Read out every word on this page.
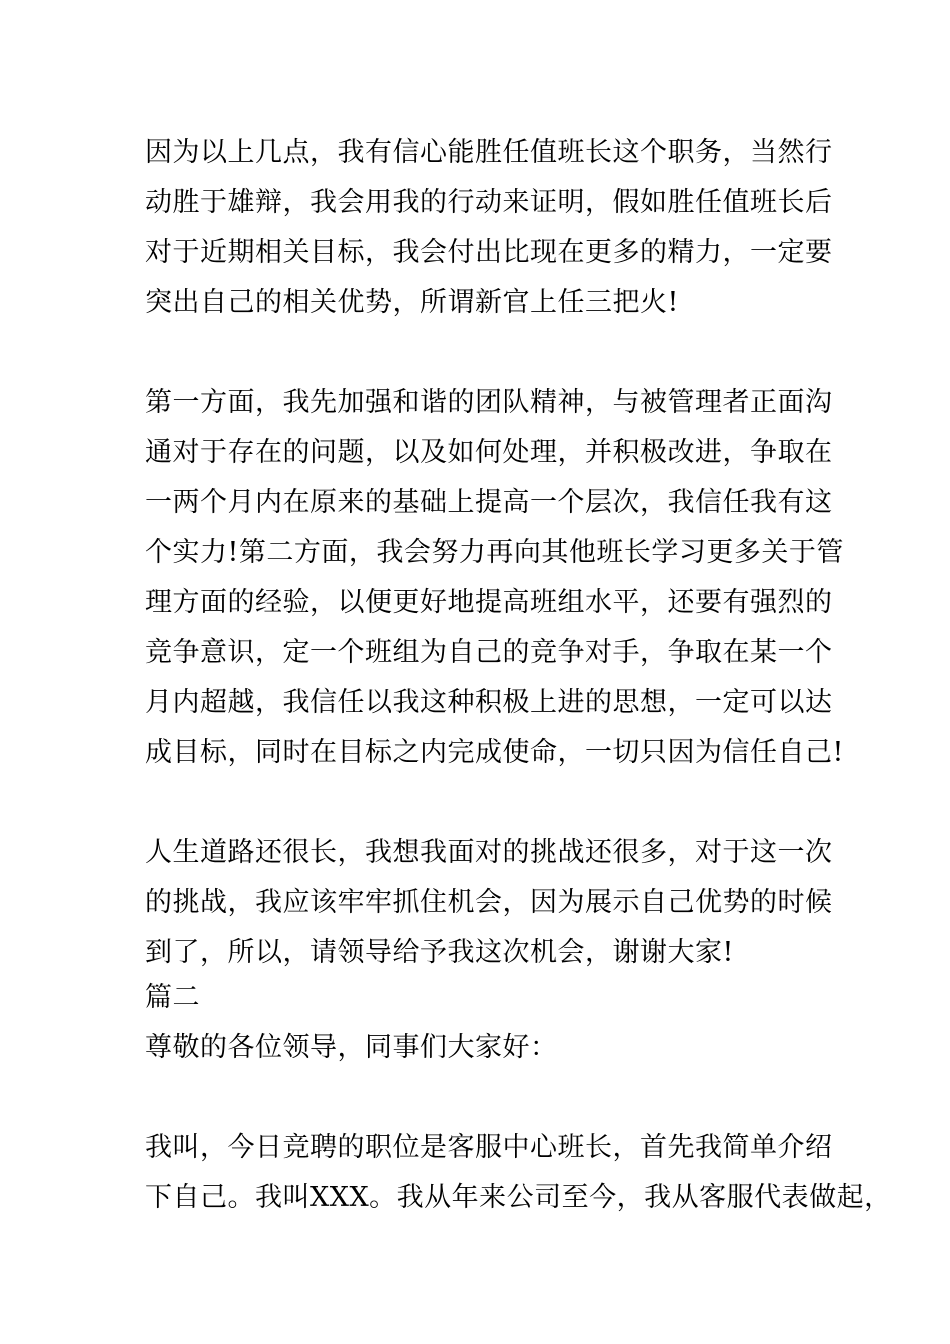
因为以上几点，我有信心能胜任值班长这个职务，当然行
动胜于雄辩，我会用我的行动来证明，假如胜任值班长后
对于近期相关目标，我会付出比现在更多的精力，一定要
突出自己的相关优势，所谓新官上任三把火!
第一方面，我先加强和谐的团队精神，与被管理者正面沟
通对于存在的问题，以及如何处理，并积极改进，争取在
一两个月内在原来的基础上提高一个层次，我信任我有这
个实力!第二方面，我会努力再向其他班长学习更多关于管
理方面的经验，以便更好地提高班组水平，还要有强烈的
竞争意识，定一个班组为自己的竞争对手，争取在某一个
月内超越，我信任以我这种积极上进的思想，一定可以达
成目标，同时在目标之内完成使命，一切只因为信任自己!
人生道路还很长，我想我面对的挑战还很多，对于这一次
的挑战，我应该牢牢抓住机会，因为展示自己优势的时候
到了，所以，请领导给予我这次机会，谢谢大家!
篇二
尊敬的各位领导，同事们大家好：
我叫，今日竞聘的职位是客服中心班长，首先我简单介绍
下自己。我叫XXX。我从年来公司至今，我从客服代表做起，
